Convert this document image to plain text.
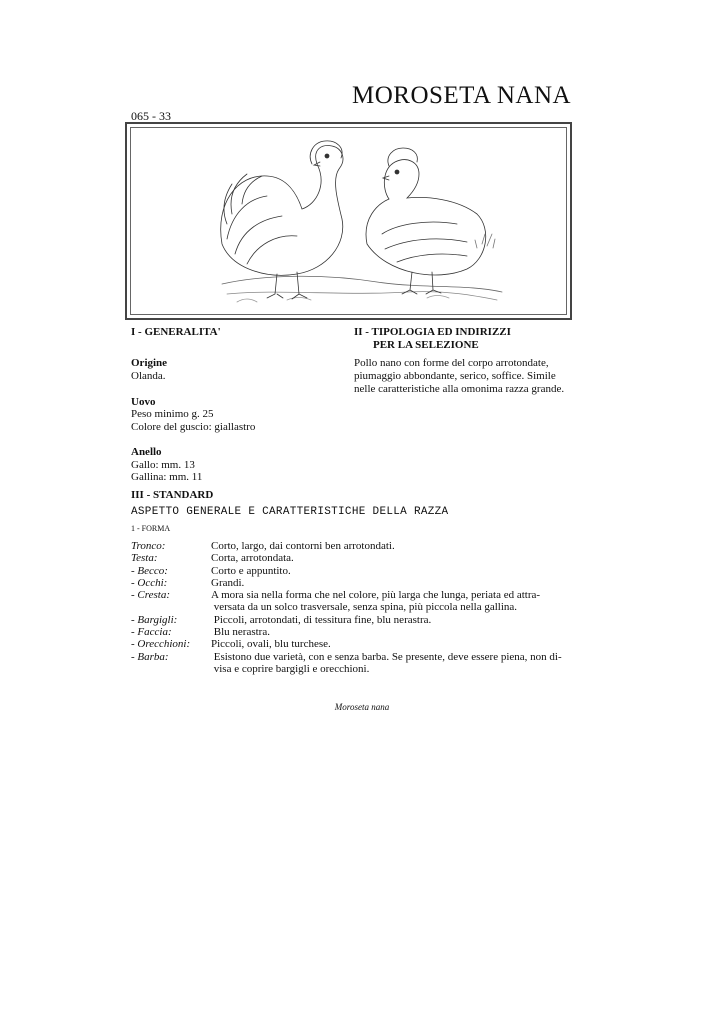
MOROSETA NANA
065 - 33
I - GENERALITA'
Origine
Olanda.
Uovo
Peso minimo g. 25
Colore del guscio: giallastro
Anello
Gallo: mm. 13
Gallina: mm. 11
II - TIPOLOGIA ED INDIRIZZI
PER LA SELEZIONE
Pollo nano con forme del corpo arrotondate,
piumaggio abbondante, serico, soffice. Simile
nelle caratteristiche alla omonima razza grande.
III - STANDARD
ASPETTO GENERALE E CARATTERISTICHE DELLA RAZZA
1 - FORMA
Tronco:	Corto, largo, dai contorni ben arrotondati.
Testa:	Corta, arrotondata.
- Becco:	Corto e appuntito.
- Occhi:	Grandi.
- Cresta:	A mora sia nella forma che nel colore, più larga che lunga, periata ed attra-
versata da un solco trasversale, senza spina, più piccola nella gallina.
- Bargigli:	Piccoli, arrotondati, di tessitura fine, blu nerastra.
- Faccia:	Blu nerastra.
- Orecchioni: Piccoli, ovali, blu turchese.
- Barba:	Esistono due varietà, con e senza barba. Se presente, deve essere piena, non di-
visa e coprire bargigli e orecchioni.
Moroseta nana
